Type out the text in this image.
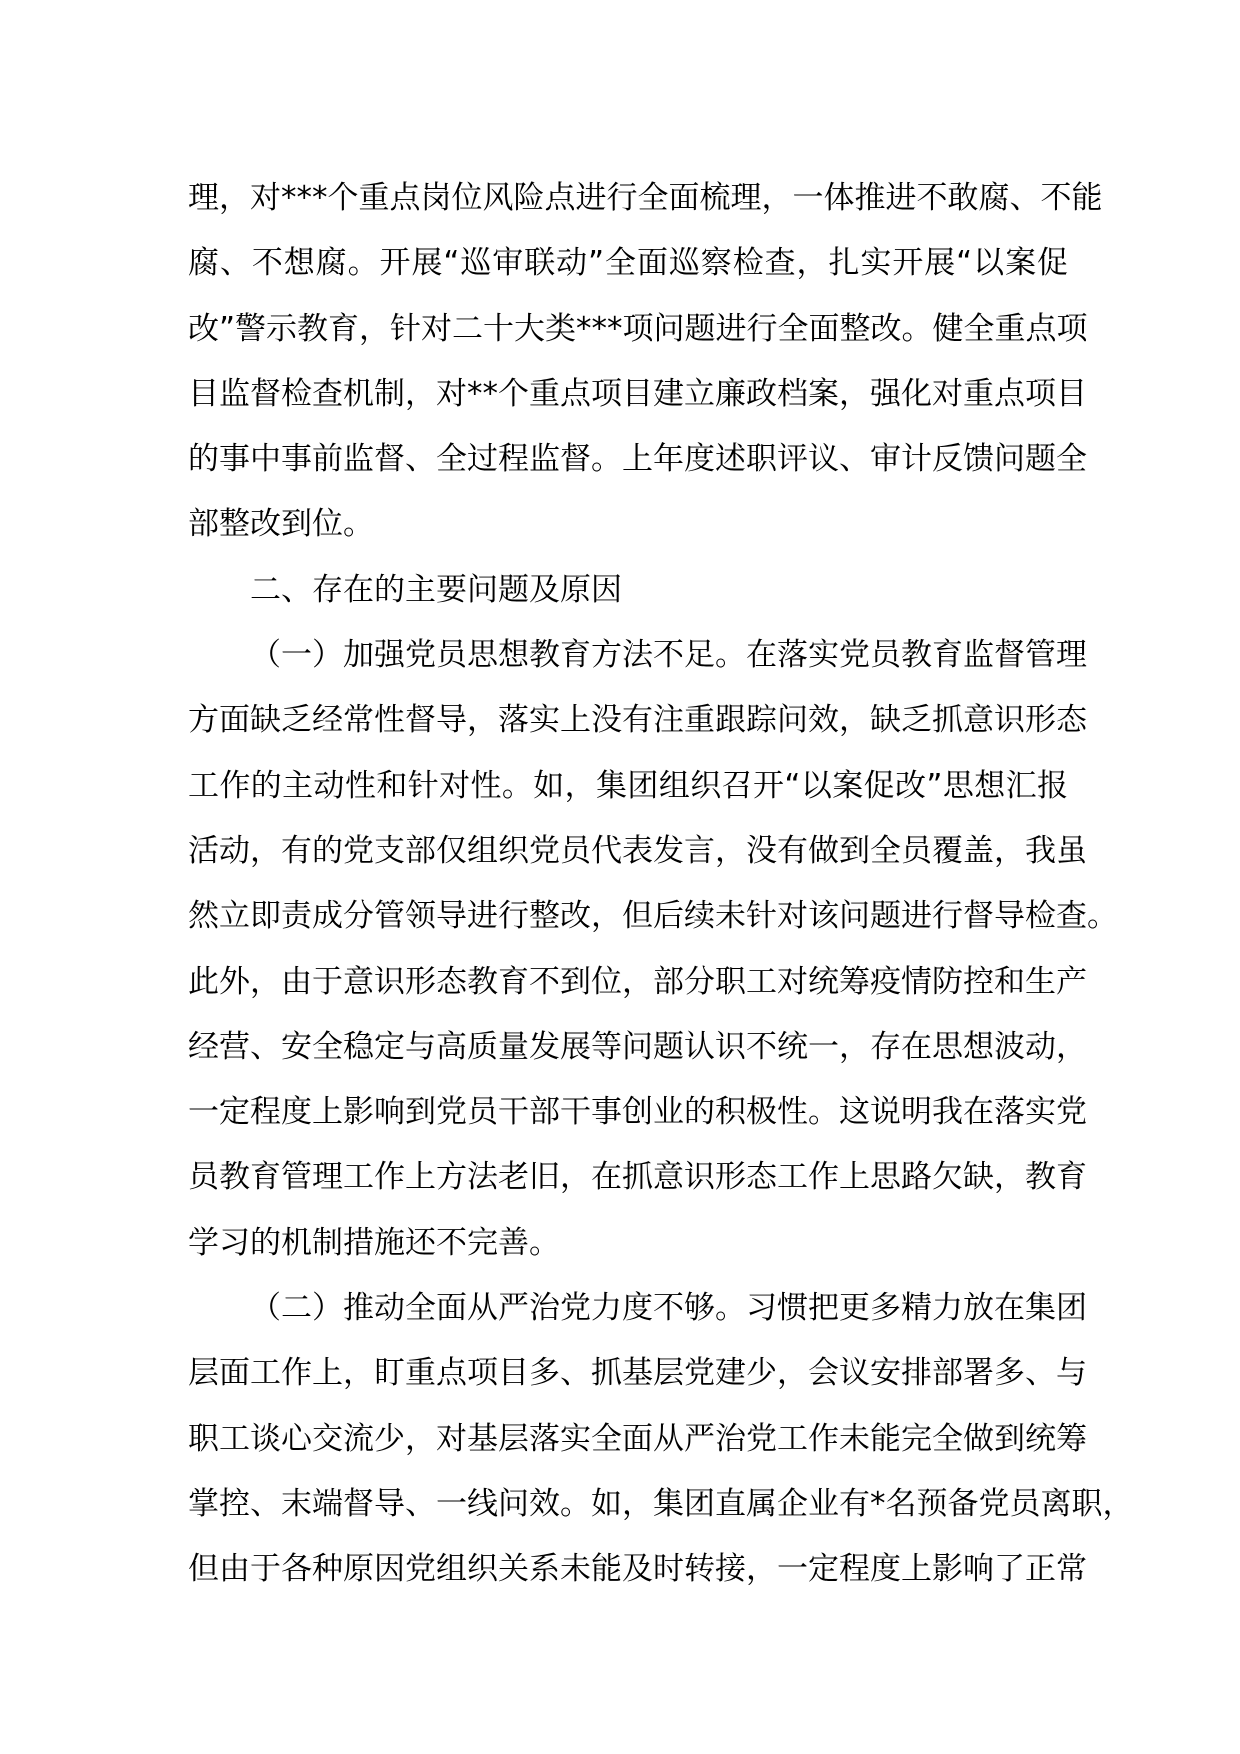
理，对***个重点岗位风险点进行全面梳理，一体推进不敢腐、不能
腐、不想腐。开展“巡审联动”全面巡察检查，扎实开展“以案促
改”警示教育，针对二十大类***项问题进行全面整改。健全重点项
目监督检查机制，对**个重点项目建立廉政档案，强化对重点项目
的事中事前监督、全过程监督。上年度述职评议、审计反馈问题全
部整改到位。
二、存在的主要问题及原因
（一）加强党员思想教育方法不足。在落实党员教育监督管理
方面缺乏经常性督导，落实上没有注重跟踪问效，缺乏抓意识形态
工作的主动性和针对性。如，集团组织召开“以案促改”思想汇报
活动，有的党支部仅组织党员代表发言，没有做到全员覆盖，我虽
然立即责成分管领导进行整改，但后续未针对该问题进行督导检查。
此外，由于意识形态教育不到位，部分职工对统筹疫情防控和生产
经营、安全稳定与高质量发展等问题认识不统一，存在思想波动，
一定程度上影响到党员干部干事创业的积极性。这说明我在落实党
员教育管理工作上方法老旧，在抓意识形态工作上思路欠缺，教育
学习的机制措施还不完善。
（二）推动全面从严治党力度不够。习惯把更多精力放在集团
层面工作上，盯重点项目多、抓基层党建少，会议安排部署多、与
职工谈心交流少，对基层落实全面从严治党工作未能完全做到统筹
掌控、末端督导、一线问效。如，集团直属企业有*名预备党员离职，
但由于各种原因党组织关系未能及时转接，一定程度上影响了正常
